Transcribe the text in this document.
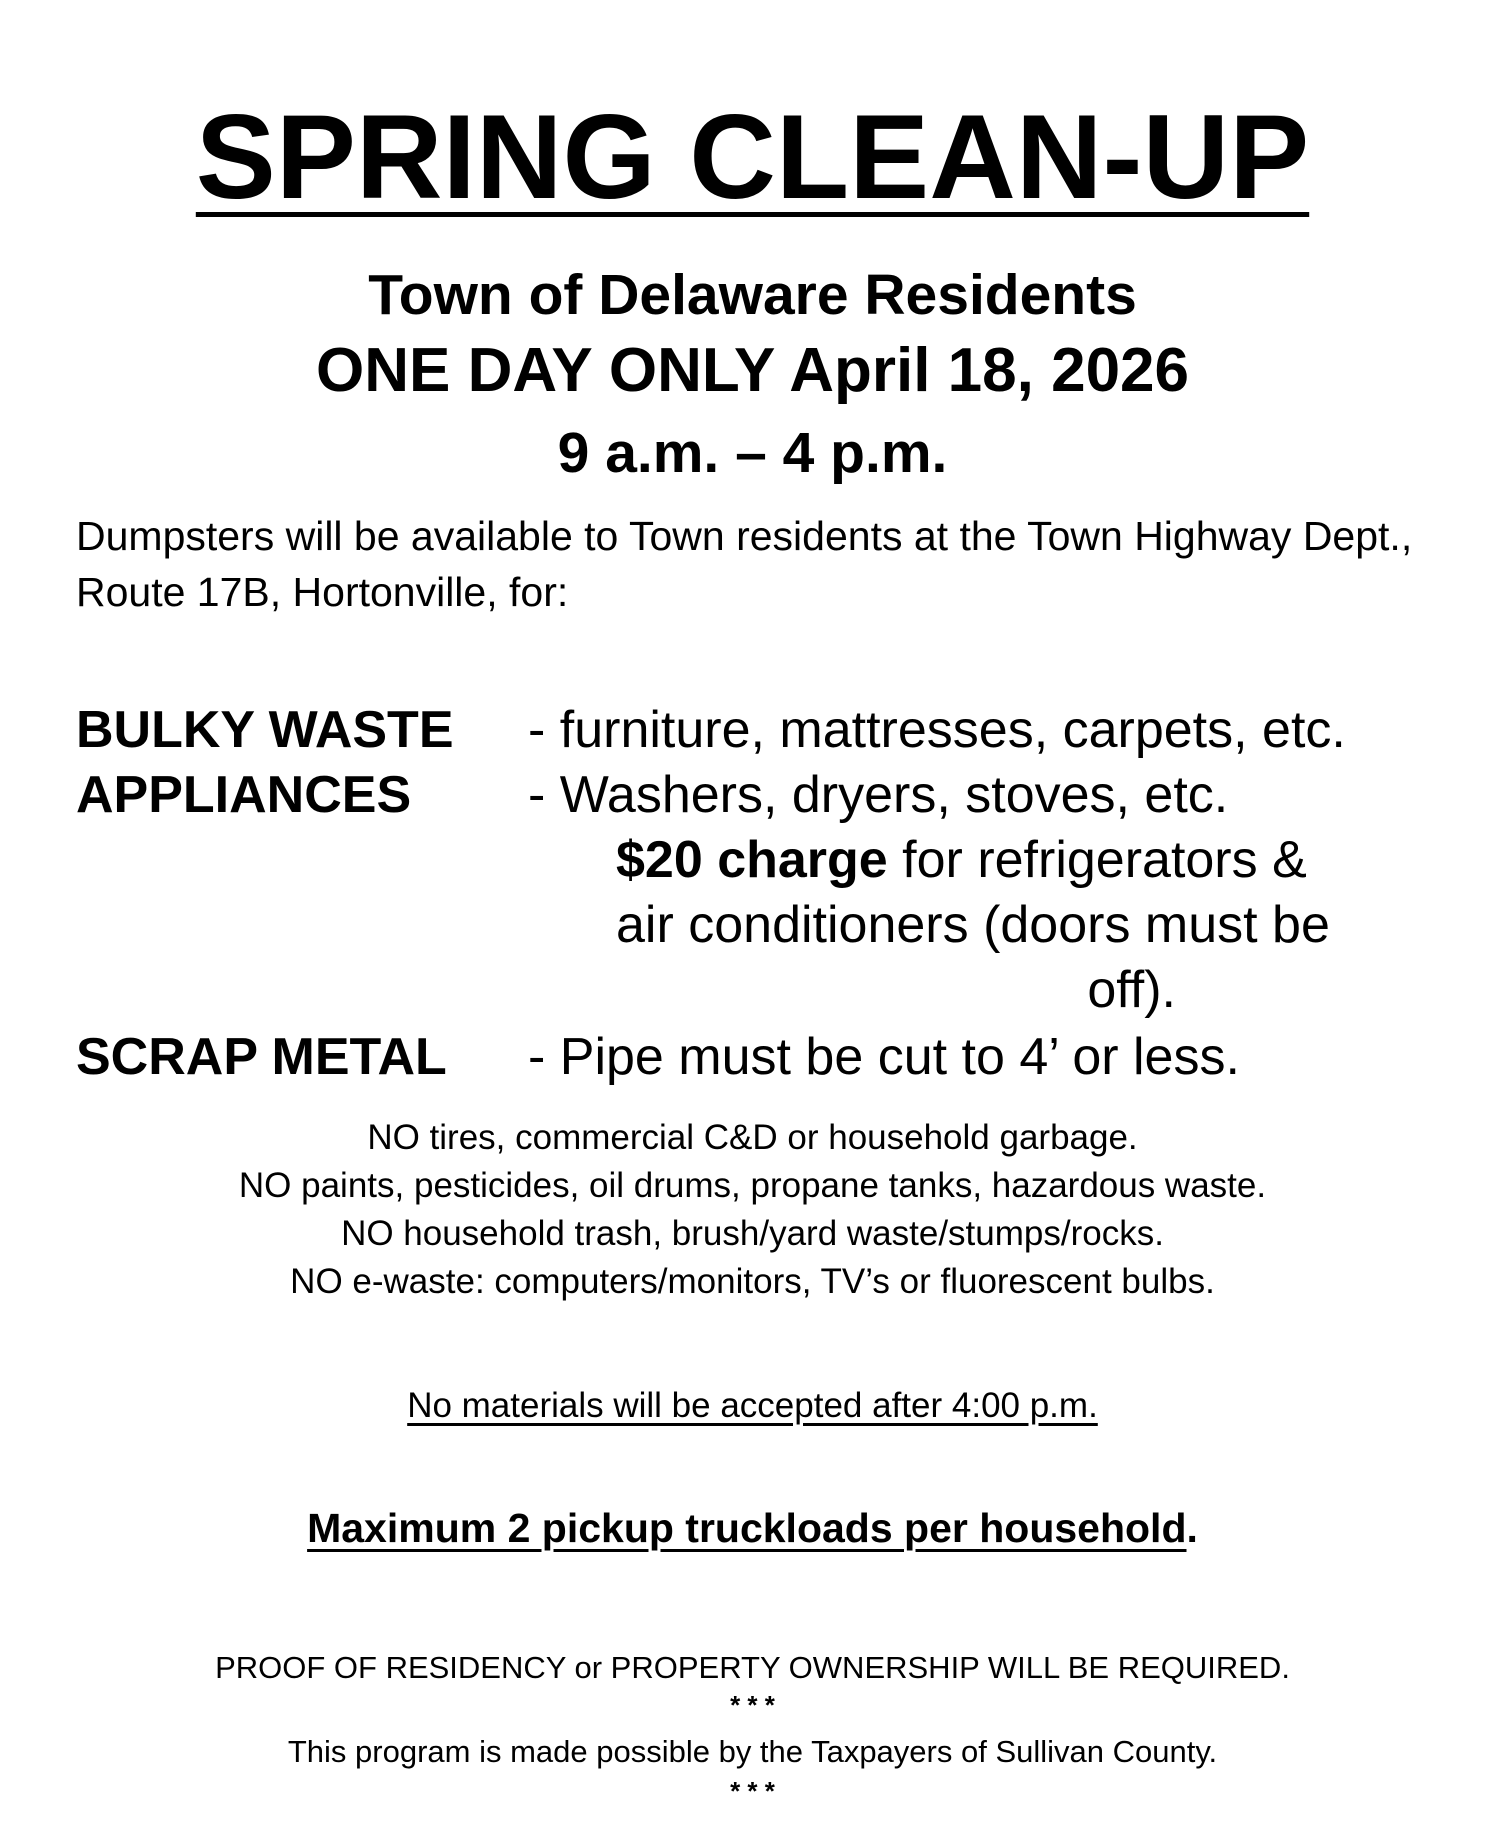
SPRING CLEAN-UP
Town of Delaware Residents
ONE DAY ONLY April 18, 2026
9 a.m. – 4 p.m.
Dumpsters will be available to Town residents at the Town Highway Dept., Route 17B, Hortonville, for:
BULKY WASTE - furniture, mattresses, carpets, etc.
APPLIANCES - Washers, dryers, stoves, etc.
$20 charge for refrigerators &
air conditioners (doors must be
off).
SCRAP METAL - Pipe must be cut to 4’ or less.
NO tires, commercial C&D or household garbage.
NO paints, pesticides, oil drums, propane tanks, hazardous waste.
NO household trash, brush/yard waste/stumps/rocks.
NO e-waste: computers/monitors, TV’s or fluorescent bulbs.
No materials will be accepted after 4:00 p.m.
Maximum 2 pickup truckloads per household.
PROOF OF RESIDENCY or PROPERTY OWNERSHIP WILL BE REQUIRED.
* * *
This program is made possible by the Taxpayers of Sullivan County.
* * *
